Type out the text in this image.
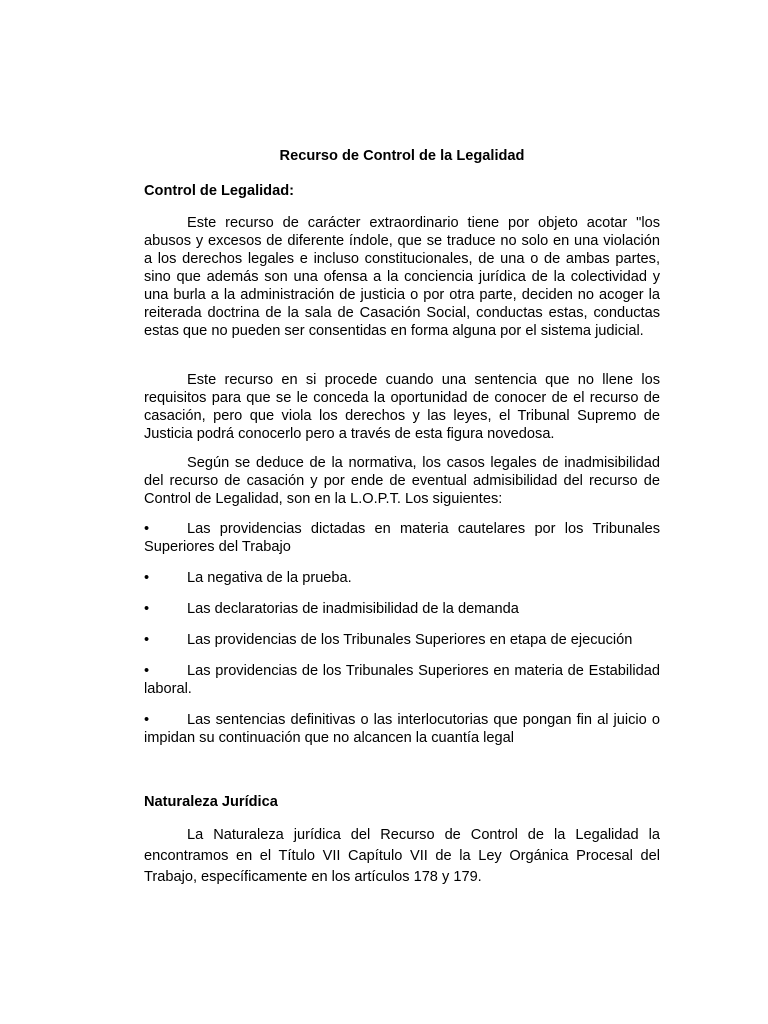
Recurso de Control de la Legalidad
Control de Legalidad:

Este recurso de carácter extraordinario tiene por objeto acotar "los abusos y excesos de diferente índole, que se traduce no solo en una violación a los derechos legales e incluso constitucionales, de una o de ambas partes, sino que además son una ofensa a la conciencia jurídica de la colectividad y una burla a la administración de justicia o por otra parte, deciden no acoger la reiterada doctrina de la sala de Casación Social, conductas estas, conductas estas que no pueden ser consentidas en forma alguna por el sistema judicial.

Este recurso en si procede cuando una sentencia que no llene los requisitos para que se le conceda la oportunidad de conocer de el recurso de casación, pero que viola los derechos y las leyes, el Tribunal Supremo de Justicia podrá conocerlo pero a través de esta figura novedosa.

Según se deduce de la normativa, los casos legales de inadmisibilidad del recurso de casación y por ende de eventual admisibilidad del recurso de Control de Legalidad, son en la L.O.P.T. Los siguientes:

•	Las providencias dictadas en materia cautelares por los Tribunales Superiores del Trabajo

•	La negativa de la prueba.

•	Las declaratorias de inadmisibilidad de la demanda

•	Las providencias de los Tribunales Superiores en etapa de ejecución

•	Las providencias de los Tribunales Superiores en materia de Estabilidad laboral.

•	Las sentencias definitivas o las interlocutorias que pongan fin al juicio o impidan su continuación que no alcancen la cuantía legal

Naturaleza Jurídica

La Naturaleza jurídica del Recurso de Control de la Legalidad la encontramos en el Título VII Capítulo VII de la Ley Orgánica Procesal del Trabajo, específicamente en los artículos 178 y 179.
